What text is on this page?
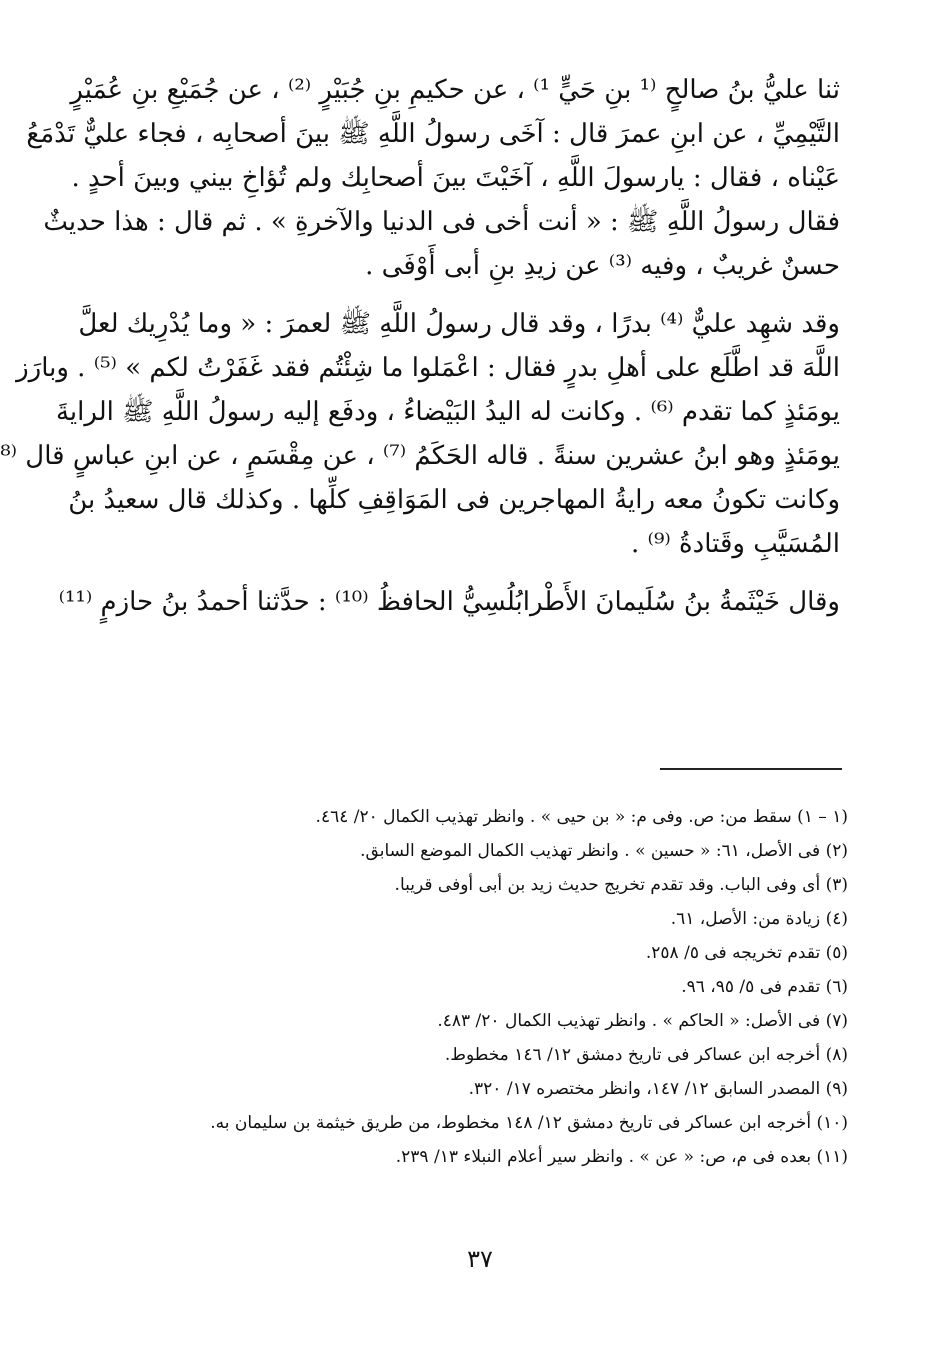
ثنا عليُّ بنُ صالحٍ ⁽¹ بنِ حَيٍّ ¹⁾ ، عن حكيمِ بنِ جُبَيْرٍ ⁽²⁾ ، عن جُمَيْعِ بنِ عُمَيْرٍ
التَّيْمِيِّ ، عن ابنِ عمرَ قال : آخَى رسولُ اللَّهِ ﷺ بينَ أصحابِه ، فجاء عليٌّ تَدْمَعُ
عَيْناه ، فقال : يارسولَ اللَّهِ ، آخَيْتَ بينَ أصحابِك ولم تُؤاخِ بيني وبينَ أحدٍ .
فقال رسولُ اللَّهِ ﷺ : « أنت أخى فى الدنيا والآخرةِ » . ثم قال : هذا حديثٌ
حسنٌ غريبٌ ، وفيه ⁽³⁾ عن زيدِ بنِ أبى أَوْفَى .

وقد شهِد عليٌّ ⁽⁴⁾ بدرًا ، وقد قال رسولُ اللَّهِ ﷺ لعمرَ : « وما يُدْرِيك لعلَّ
اللَّهَ قد اطَّلَع على أهلِ بدرٍ فقال : اعْمَلوا ما شِئْتُم فقد غَفَرْتُ لكم » ⁽⁵⁾ . وبارَز
يومَئذٍ كما تقدم ⁽⁶⁾ . وكانت له اليدُ البَيْضاءُ ، ودفَع إليه رسولُ اللَّهِ ﷺ الرايةَ
يومَئذٍ وهو ابنُ عشرين سنةً . قاله الحَكَمُ ⁽⁷⁾ ، عن مِقْسَمٍ ، عن ابنِ عباسٍ قال ⁽⁸
وكانت تكونُ معه رايةُ المهاجرين فى المَوَاقِفِ كلِّها . وكذلك قال سعيدُ بنُ
المُسَيَّبِ وقَتادةُ ⁽⁹⁾ .

وقال خَيْثَمةُ بنُ سُلَيمانَ الأَطْرابُلُسِيُّ الحافظُ ⁽¹⁰⁾ : حدَّثنا أحمدُ بنُ حازمٍ ⁽¹¹⁾

(١ – ١) سقط من: ص. وفى م: « بن حيى » . وانظر تهذيب الكمال ٢٠/ ٤٦٤.
(٢) فى الأصل، ٦١: « حسين » . وانظر تهذيب الكمال الموضع السابق.
(٣) أى وفى الباب. وقد تقدم تخريج حديث زيد بن أبى أوفى قريبا.
(٤) زيادة من: الأصل، ٦١.
(٥) تقدم تخريجه فى ٥/ ٢٥٨.
(٦) تقدم فى ٥/ ٩٥، ٩٦.
(٧) فى الأصل: « الحاكم » . وانظر تهذيب الكمال ٢٠/ ٤٨٣.
(٨) أخرجه ابن عساكر فى تاريخ دمشق ١٢/ ١٤٦ مخطوط.
(٩) المصدر السابق ١٢/ ١٤٧، وانظر مختصره ١٧/ ٣٢٠.
(١٠) أخرجه ابن عساكر فى تاريخ دمشق ١٢/ ١٤٨ مخطوط، من طريق خيثمة بن سليمان به.
(١١) بعده فى م، ص: « عن » . وانظر سير أعلام النبلاء ١٣/ ٢٣٩.
٣٧
